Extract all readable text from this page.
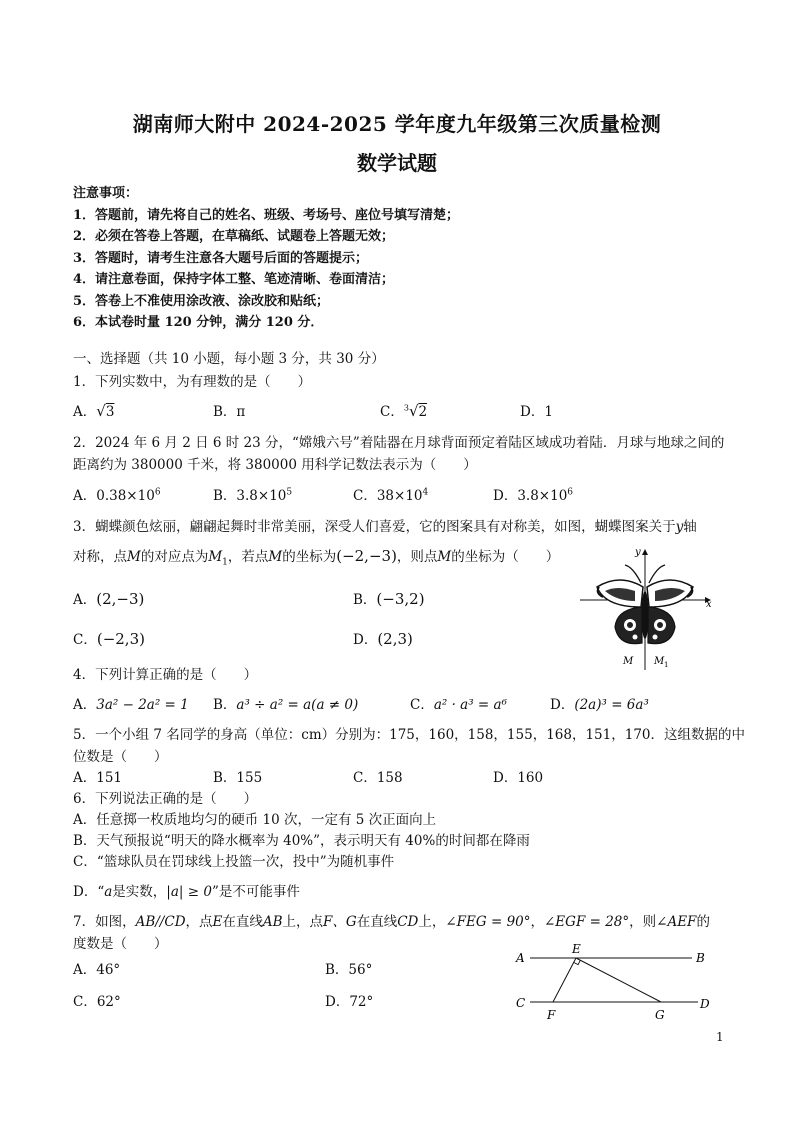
湖南师大附中 2024-2025 学年度九年级第三次质量检测
数学试题
注意事项：
1．答题前，请先将自己的姓名、班级、考场号、座位号填写清楚；
2．必须在答卷上答题，在草稿纸、试题卷上答题无效；
3．答题时，请考生注意各大题号后面的答题提示；
4．请注意卷面，保持字体工整、笔迹清晰、卷面清洁；
5．答卷上不准使用涂改液、涂改胶和贴纸；
6．本试卷时量 120 分钟，满分 120 分．
一、选择题（共 10 小题，每小题 3 分，共 30 分）
1．下列实数中，为有理数的是（　　）
A．√3	B．π	C．$^3$√2	D．1
2．2024 年 6 月 2 日 6 时 23 分，“嫦娥六号”着陆器在月球背面预定着陆区域成功着陆．月球与地球之间的
距离约为 380000 千米，将 380000 用科学记数法表示为（　　）
A．$0.38\times 10^6$	B．$3.8\times 10^5$	C．$38\times 10^4$	D．$3.8\times 10^6$
3．蝴蝶颜色炫丽，翩翩起舞时非常美丽，深受人们喜爱，它的图案具有对称美，如图，蝴蝶图案关于y轴
对称，点M的对应点为$M_1$，若点M的坐标为(−2,−3)，则点M的坐标为（　　）
A．(2,−3)	B．(−3,2)
C．(−2,3)	D．(2,3)
y
x
M M 1
4．下列计算正确的是（　　）
A．3a² − 2a² = 1 B．a³ ÷ a² = a(a ≠ 0)	C．a² · a³ = a⁶	D．(2a)³ = 6a³
5．一个小组 7 名同学的身高（单位：cm）分别为：175，160，158，155，168，151，170．这组数据的中
位数是（　　）
A．151	B．155	C．158	D．160
6．下列说法正确的是（　　）
A．任意掷一枚质地均匀的硬币 10 次，一定有 5 次正面向上
B．天气预报说“明天的降水概率为 40%”，表示明天有 40%的时间都在降雨
C．“篮球队员在罚球线上投篮一次，投中”为随机事件
D．“a是实数，|a| ≥ 0”是不可能事件
7．如图，AB//CD，点E在直线AB上，点F、G在直线CD上，∠FEG = 90°，∠EGF = 28°，则∠AEF的
度数是（　　）
A．46°	B．56°
C．62°	D．72°
A	B
C	D
E
F	G
1
